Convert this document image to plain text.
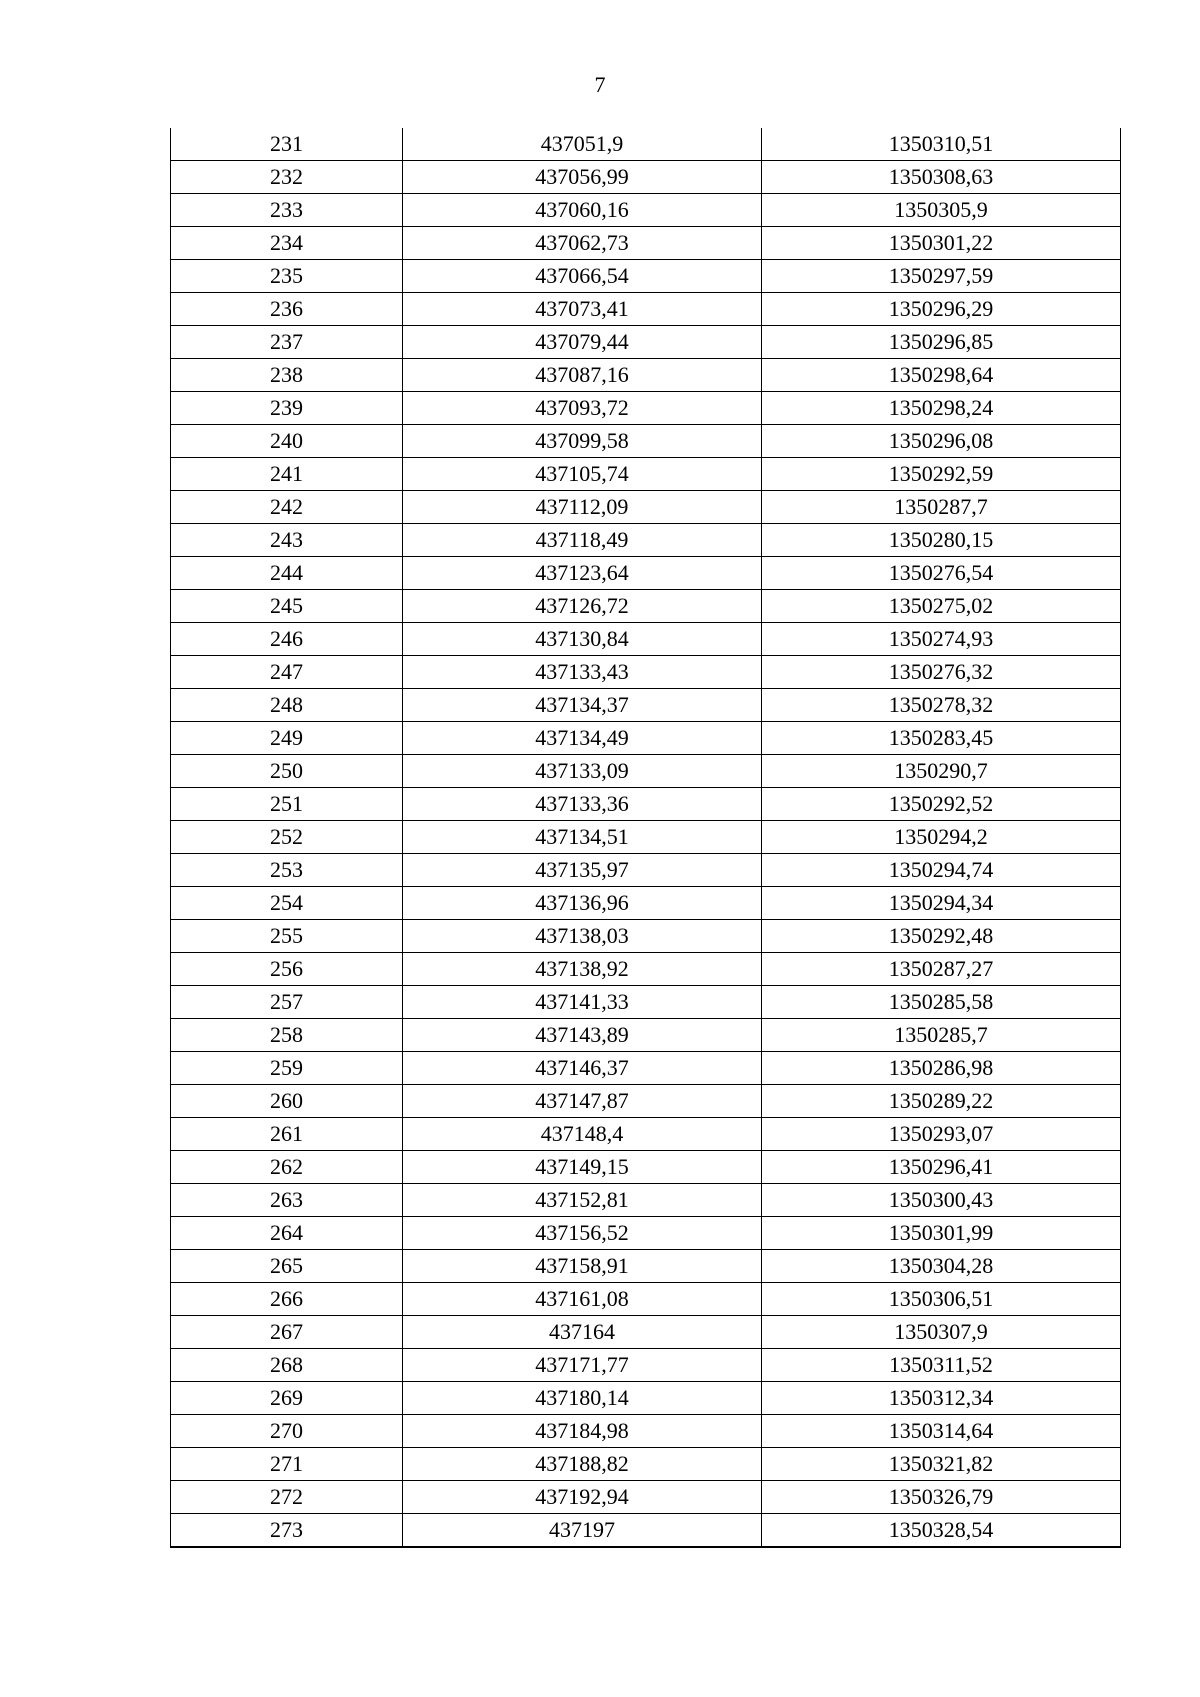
7
231	437051,9	1350310,51
232	437056,99	1350308,63
233	437060,16	1350305,9
234	437062,73	1350301,22
235	437066,54	1350297,59
236	437073,41	1350296,29
237	437079,44	1350296,85
238	437087,16	1350298,64
239	437093,72	1350298,24
240	437099,58	1350296,08
241	437105,74	1350292,59
242	437112,09	1350287,7
243	437118,49	1350280,15
244	437123,64	1350276,54
245	437126,72	1350275,02
246	437130,84	1350274,93
247	437133,43	1350276,32
248	437134,37	1350278,32
249	437134,49	1350283,45
250	437133,09	1350290,7
251	437133,36	1350292,52
252	437134,51	1350294,2
253	437135,97	1350294,74
254	437136,96	1350294,34
255	437138,03	1350292,48
256	437138,92	1350287,27
257	437141,33	1350285,58
258	437143,89	1350285,7
259	437146,37	1350286,98
260	437147,87	1350289,22
261	437148,4	1350293,07
262	437149,15	1350296,41
263	437152,81	1350300,43
264	437156,52	1350301,99
265	437158,91	1350304,28
266	437161,08	1350306,51
267	437164	1350307,9
268	437171,77	1350311,52
269	437180,14	1350312,34
270	437184,98	1350314,64
271	437188,82	1350321,82
272	437192,94	1350326,79
273	437197	1350328,54
